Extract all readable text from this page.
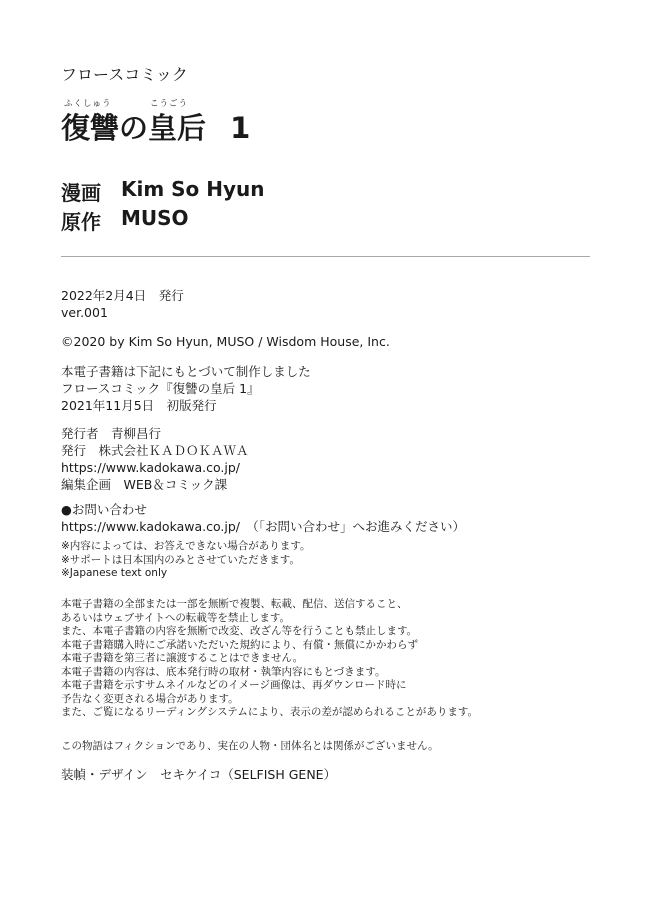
フロースコミック
ふくしゅう	こうごう
復讐の皇后 1
漫画 Kim So Hyun
原作 MUSO
2022年2月4日　発行
ver.001
©2020 by Kim So Hyun, MUSO / Wisdom House, Inc.
本電子書籍は下記にもとづいて制作しました
フロースコミック『復讐の皇后 1』
2021年11月5日　初版発行
発行者　青柳昌行
発行　株式会社ＫＡＤＯＫＡＷＡ
https://www.kadokawa.co.jp/
編集企画　WEB＆コミック課
●お問い合わせ
https://www.kadokawa.co.jp/　（「お問い合わせ」へお進みください）
※内容によっては、お答えできない場合があります。
※サポートは日本国内のみとさせていただきます。
※Japanese text only
本電子書籍の全部または一部を無断で複製、転載、配信、送信すること、
あるいはウェブサイトへの転載等を禁止します。
また、本電子書籍の内容を無断で改変、改ざん等を行うことも禁止します。
本電子書籍購入時にご承諾いただいた規約により、有償・無償にかかわらず
本電子書籍を第三者に譲渡することはできません。
本電子書籍の内容は、底本発行時の取材・執筆内容にもとづきます。
本電子書籍を示すサムネイルなどのイメージ画像は、再ダウンロード時に
予告なく変更される場合があります。
また、ご覧になるリーディングシステムにより、表示の差が認められることがあります。
この物語はフィクションであり、実在の人物・団体名とは関係がございません。
装幀・デザイン　セキケイコ（SELFISH GENE）
